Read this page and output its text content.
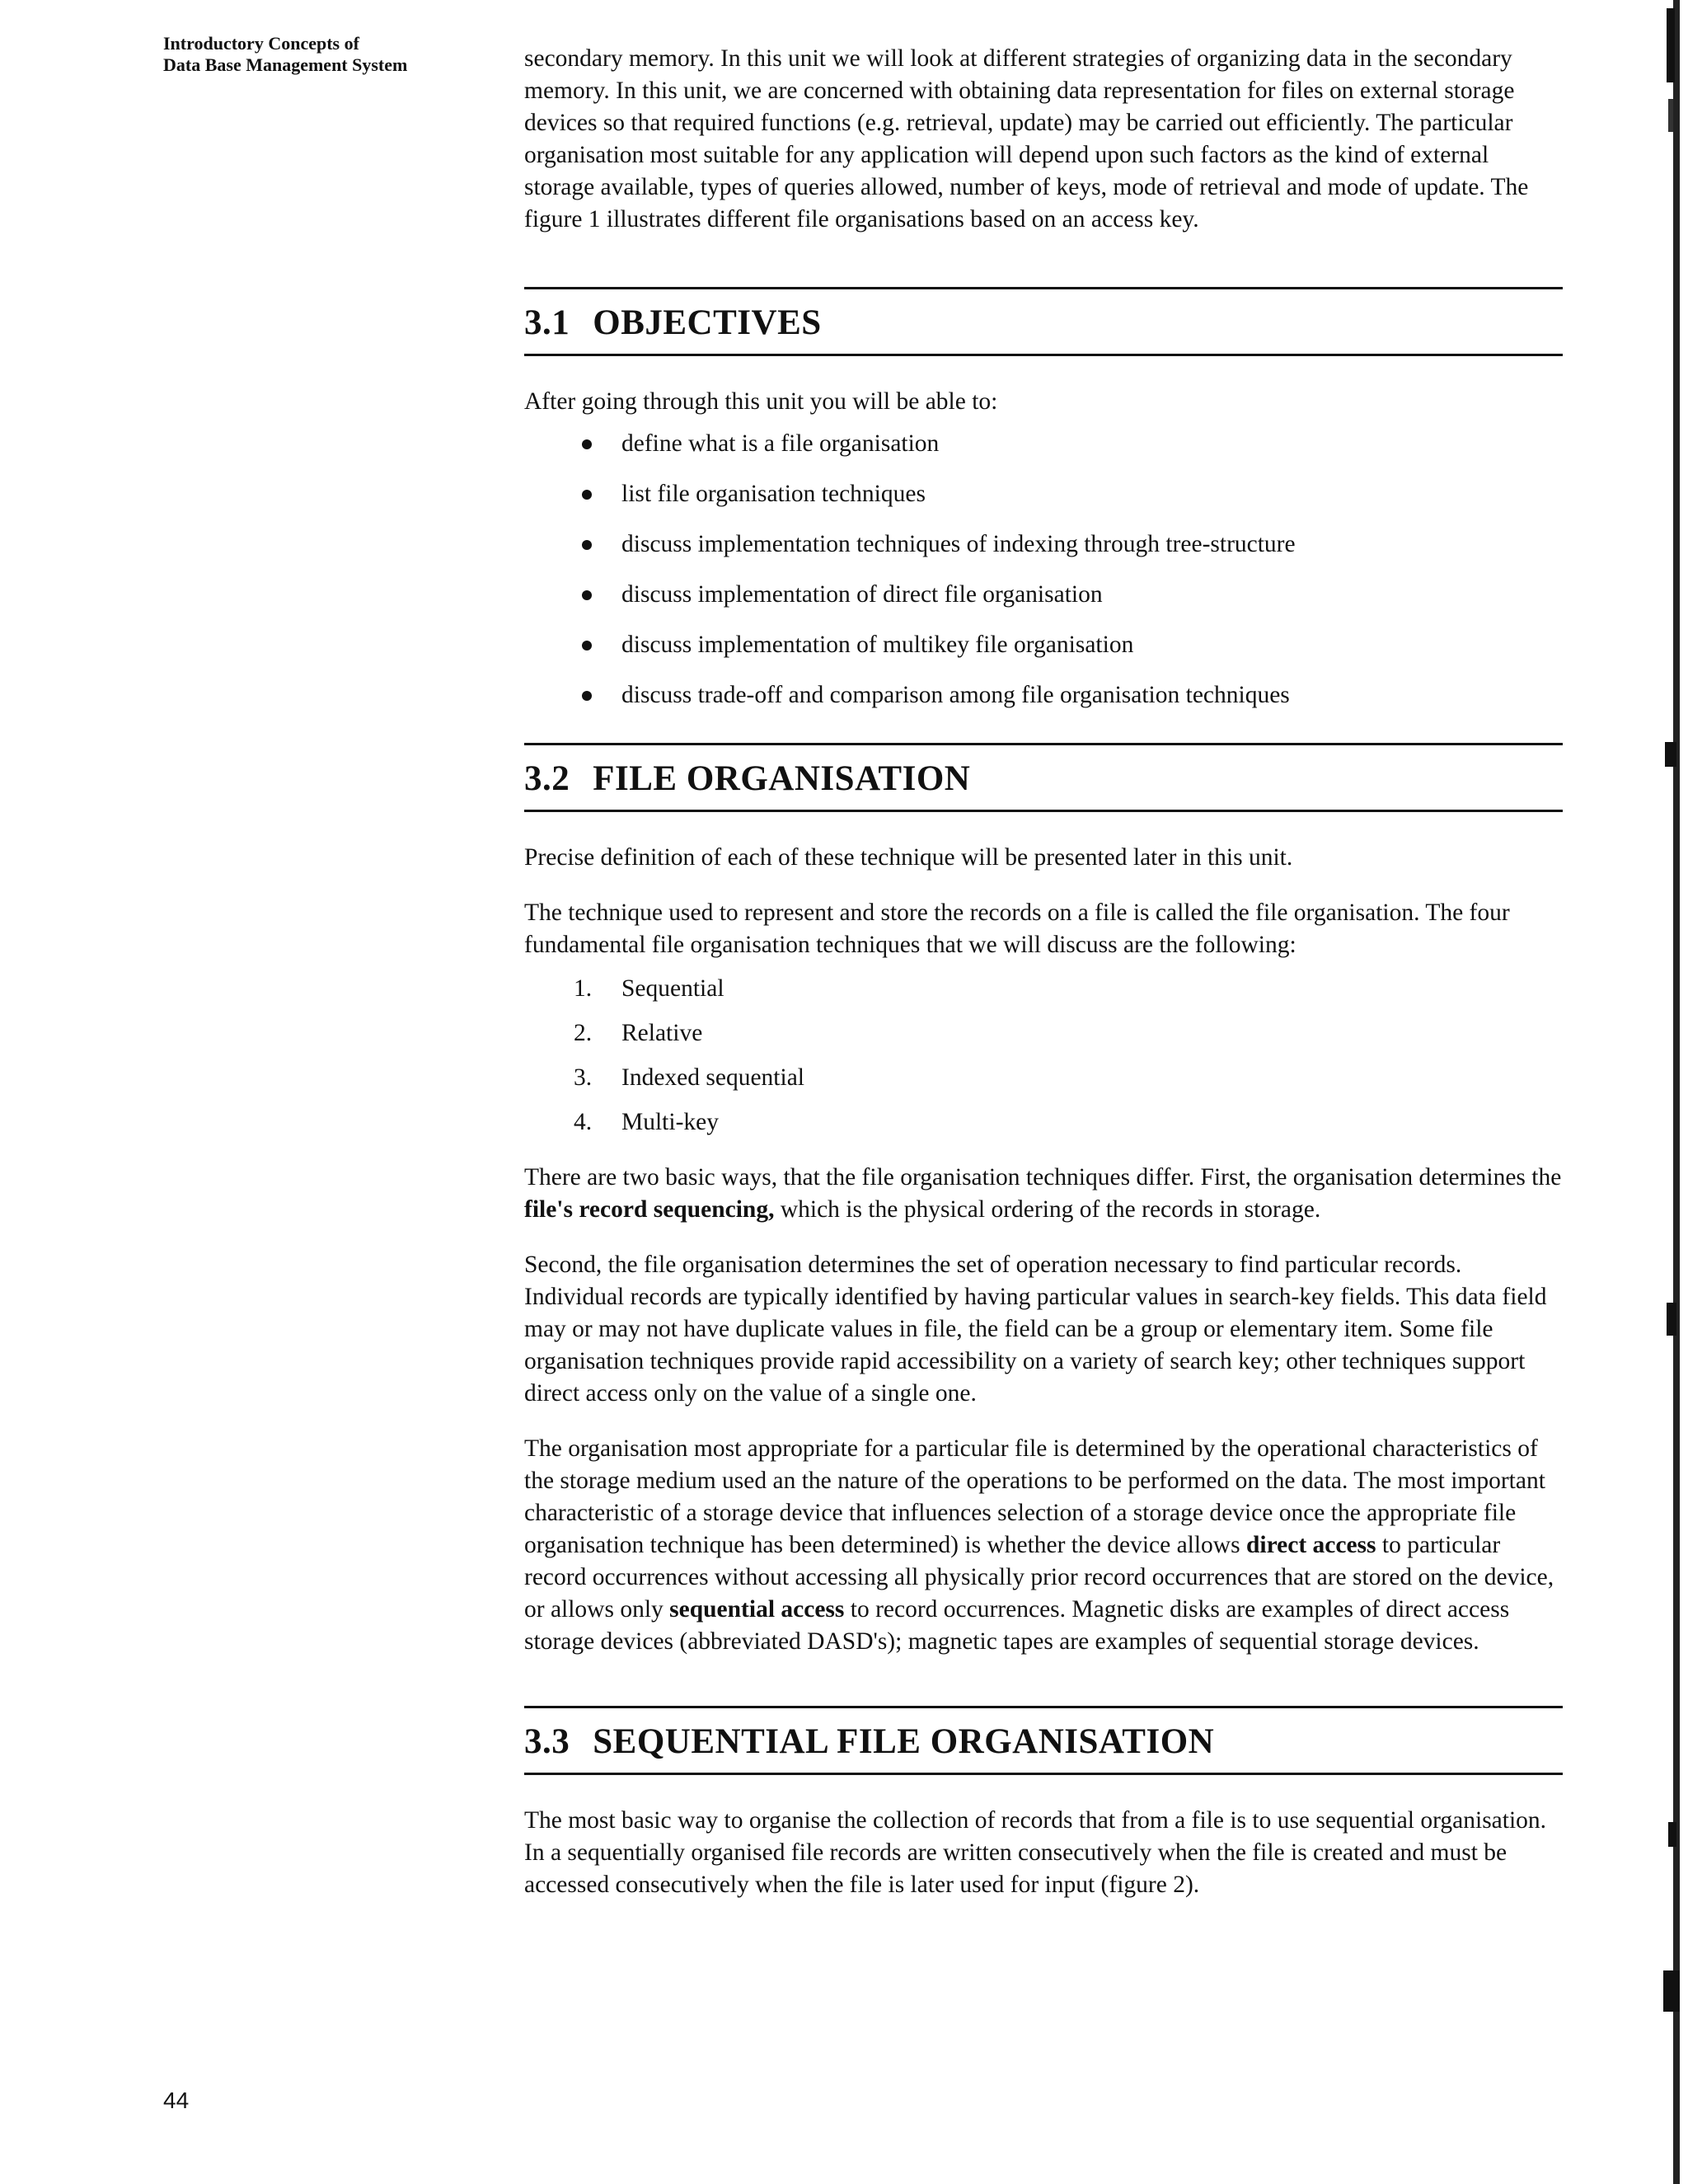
Introductory Concepts of
Data Base Management System	secondary memory. In this unit we will look at different strategies of organizing data in the secondary memory. In this unit, we are concerned with obtaining data representation for files on external storage devices so that required functions (e.g. retrieval, update) may be carried out efficiently. The particular organisation most suitable for any application will depend upon such factors as the kind of external storage available, types of queries allowed, number of keys, mode of retrieval and mode of update. The figure 1 illustrates different file organisations based on an access key.

3.1 OBJECTIVES

After going through this unit you will be able to:

define what is a file organisation
list file organisation techniques
discuss implementation techniques of indexing through tree-structure
discuss implementation of direct file organisation
discuss implementation of multikey file organisation
discuss trade-off and comparison among file organisation techniques
3.2 FILE ORGANISATION

Precise definition of each of these technique will be presented later in this unit.

The technique used to represent and store the records on a file is called the file organisation. The four fundamental file organisation techniques that we will discuss are the following:

1. Sequential
2. Relative
3. Indexed sequential
4. Multi-key

There are two basic ways, that the file organisation techniques differ. First, the organisation determines the file's record sequencing, which is the physical ordering of the records in storage.

Second, the file organisation determines the set of operation necessary to find particular records. Individual records are typically identified by having particular values in search-key fields. This data field may or may not have duplicate values in file, the field can be a group or elementary item. Some file organisation techniques provide rapid accessibility on a variety of search key; other techniques support direct access only on the value of a single one.

The organisation most appropriate for a particular file is determined by the operational characteristics of the storage medium used an the nature of the operations to be performed on the data. The most important characteristic of a storage device that influences selection of a storage device once the appropriate file organisation technique has been determined) is whether the device allows direct access to particular record occurrences without accessing all physically prior record occurrences that are stored on the device, or allows only sequential access to record occurrences. Magnetic disks are examples of direct access storage devices (abbreviated DASD's); magnetic tapes are examples of sequential storage devices.

3.3 SEQUENTIAL FILE ORGANISATION

The most basic way to organise the collection of records that from a file is to use sequential organisation. In a sequentially organised file records are written consecutively when the file is created and must be accessed consecutively when the file is later used for input (figure 2).

44
